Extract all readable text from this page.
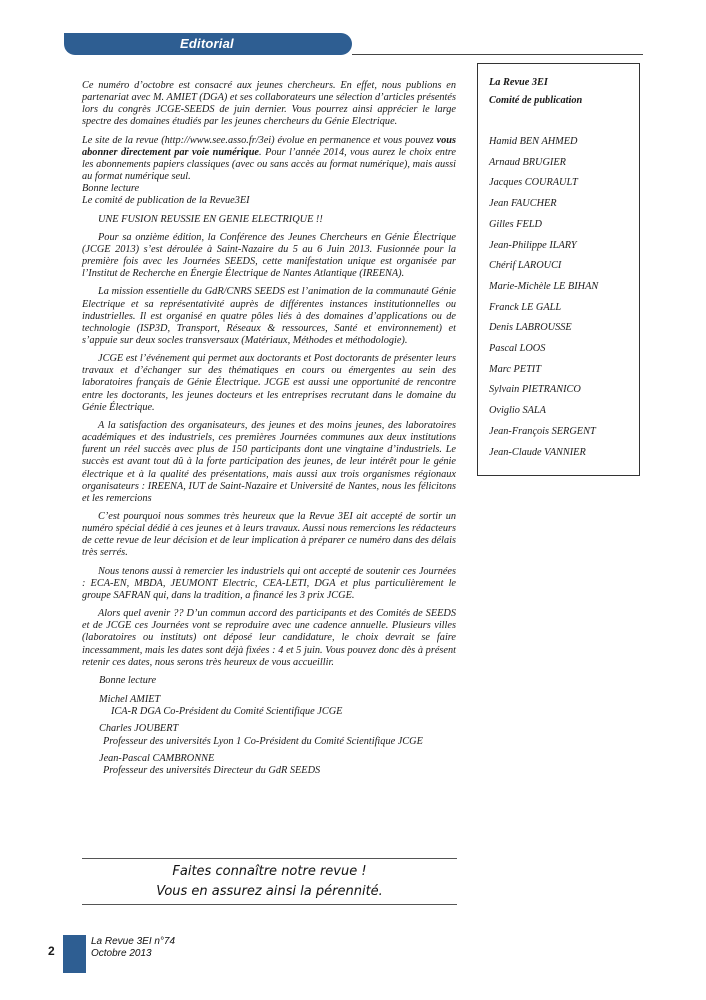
Editorial

Ce numéro d’octobre est consacré aux jeunes chercheurs. En effet, nous publions en partenariat avec M. AMIET (DGA) et ses collaborateurs une sélection d’articles présentés lors du congrès JCGE-SEEDS de juin dernier. Vous pourrez ainsi apprécier le large spectre des domaines étudiés par les jeunes chercheurs du Génie Electrique.

Le site de la revue (http://www.see.asso.fr/3ei) évolue en permanence et vous pouvez vous abonner directement par voie numérique. Pour l’année 2014, vous aurez le choix entre les abonnements papiers classiques (avec ou sans accès au format numérique), mais aussi au format numérique seul.

Bonne lecture

Le comité de publication de la Revue3EI

UNE FUSION REUSSIE EN GENIE ELECTRIQUE !!

Pour sa onzième édition, la Conférence des Jeunes Chercheurs en Génie Électrique (JCGE 2013) s’est déroulée à Saint-Nazaire du 5 au 6 Juin 2013. Fusionnée pour la première fois avec les Journées SEEDS, cette manifestation unique est organisée par l’Institut de Recherche en Énergie Électrique de Nantes Atlantique (IREENA).

La mission essentielle du GdR/CNRS SEEDS est l’animation de la communauté Génie Electrique et sa représentativité auprès de différentes instances institutionnelles ou industrielles. Il est organisé en quatre pôles liés à des domaines d’applications ou de technologie (ISP3D, Transport, Réseaux & ressources, Santé et environnement) et s’appuie sur deux socles transversaux (Matériaux, Méthodes et méthodologie).

JCGE est l’événement qui permet aux doctorants et Post doctorants de présenter leurs travaux et d’échanger sur des thématiques en cours ou émergentes au sein des laboratoires français de Génie Électrique. JCGE est aussi une opportunité de rencontre entre les doctorants, les jeunes docteurs et les entreprises recrutant dans le domaine du Génie Électrique.

A la satisfaction des organisateurs, des jeunes et des moins jeunes, des laboratoires académiques et des industriels, ces premières Journées communes aux deux institutions furent un réel succès avec plus de 150 participants dont une vingtaine d’industriels. Le succès est avant tout dû à la forte participation des jeunes, de leur intérêt pour le génie électrique et à la qualité des présentations, mais aussi aux trois organismes régionaux organisateurs : IREENA, IUT de Saint-Nazaire et Université de Nantes, nous les félicitons et les remercions

C’est pourquoi nous sommes très heureux que la Revue 3EI ait accepté de sortir un numéro spécial dédié à ces jeunes et à leurs travaux. Aussi nous remercions les rédacteurs de cette revue de leur décision et de leur implication à préparer ce numéro dans des délais très serrés.

Nous tenons aussi à remercier les industriels qui ont accepté de soutenir ces Journées : ECA-EN, MBDA, JEUMONT Electric, CEA-LETI, DGA et plus particulièrement le groupe SAFRAN qui, dans la tradition, a financé les 3 prix JCGE.

Alors quel avenir ?? D’un commun accord des participants et des Comités de SEEDS et de JCGE ces Journées vont se reproduire avec une cadence annuelle. Plusieurs villes (laboratoires ou instituts) ont déposé leur candidature, le choix devrait se faire incessamment, mais les dates sont déjà fixées : 4 et 5 juin. Vous pouvez donc dès à présent retenir ces dates, nous serons très heureux de vous accueillir.

Bonne lecture
Michel AMIET
ICA-R DGA Co-Président du Comité Scientifique JCGE
Charles JOUBERT
Professeur des universités Lyon 1 Co-Président du Comité Scientifique JCGE
Jean-Pascal CAMBRONNE
Professeur des universités Directeur du GdR SEEDS
Faites connaître notre revue !
Vous en assurez ainsi la pérennité.
La Revue 3EI
Comité de publication
Hamid BEN AHMED
Arnaud BRUGIER
Jacques COURAULT
Jean FAUCHER
Gilles FELD
Jean-Philippe ILARY
Chérif LAROUCI
Marie-Michèle LE BIHAN
Franck LE GALL
Denis LABROUSSE
Pascal LOOS
Marc PETIT
Sylvain PIETRANICO
Oviglio SALA
Jean-François SERGENT
Jean-Claude VANNIER
2
La Revue 3EI n°74
Octobre 2013
